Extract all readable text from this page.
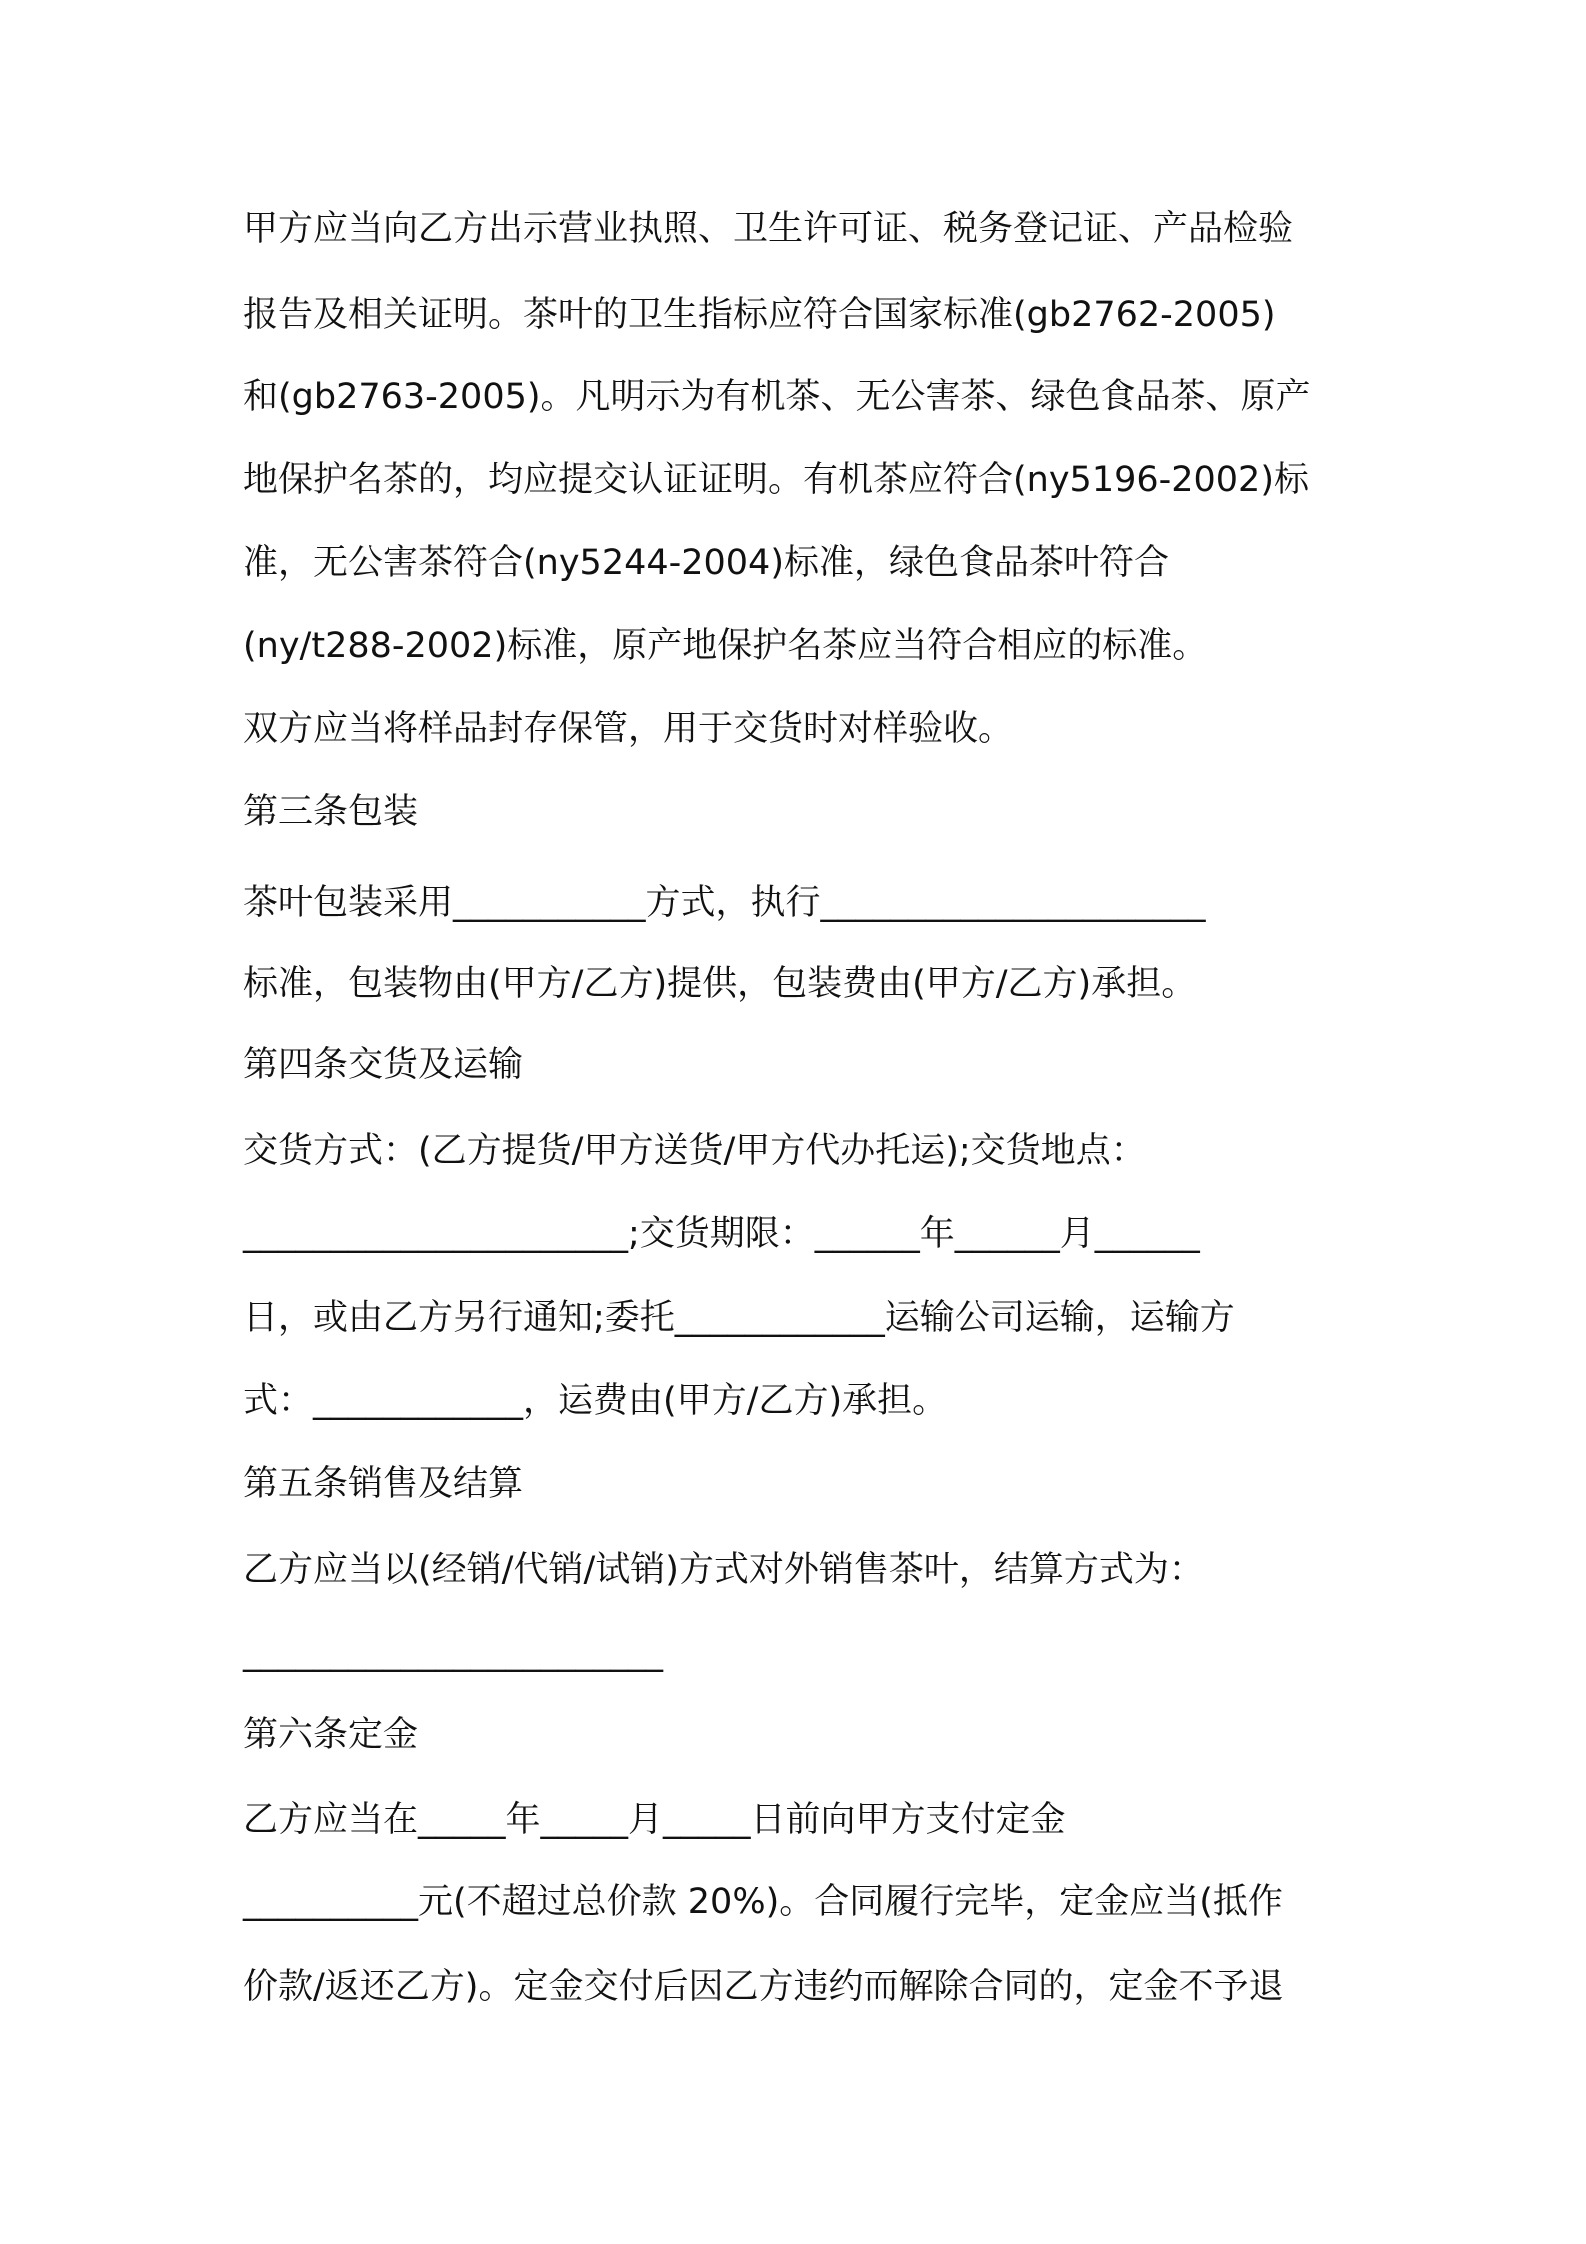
甲方应当向乙方出示营业执照、卫生许可证、税务登记证、产品检验
报告及相关证明。茶叶的卫生指标应符合国家标准(gb2762-2005)
和(gb2763-2005)。凡明示为有机茶、无公害茶、绿色食品茶、原产
地保护名茶的，均应提交认证证明。有机茶应符合(ny5196-2002)标
准，无公害茶符合(ny5244-2004)标准，绿色食品茶叶符合
(ny/t288-2002)标准，原产地保护名茶应当符合相应的标准。
双方应当将样品封存保管，用于交货时对样验收。
第三条包装
茶叶包装采用___________方式，执行______________________
标准，包装物由(甲方/乙方)提供，包装费由(甲方/乙方)承担。
第四条交货及运输
交货方式：(乙方提货/甲方送货/甲方代办托运);交货地点：
______________________;交货期限：______年______月______
日，或由乙方另行通知;委托____________运输公司运输，运输方
式：____________，运费由(甲方/乙方)承担。
第五条销售及结算
乙方应当以(经销/代销/试销)方式对外销售茶叶，结算方式为：
________________________
第六条定金
乙方应当在_____年_____月_____日前向甲方支付定金
__________元(不超过总价款 20%)。合同履行完毕，定金应当(抵作
价款/返还乙方)。定金交付后因乙方违约而解除合同的，定金不予退
